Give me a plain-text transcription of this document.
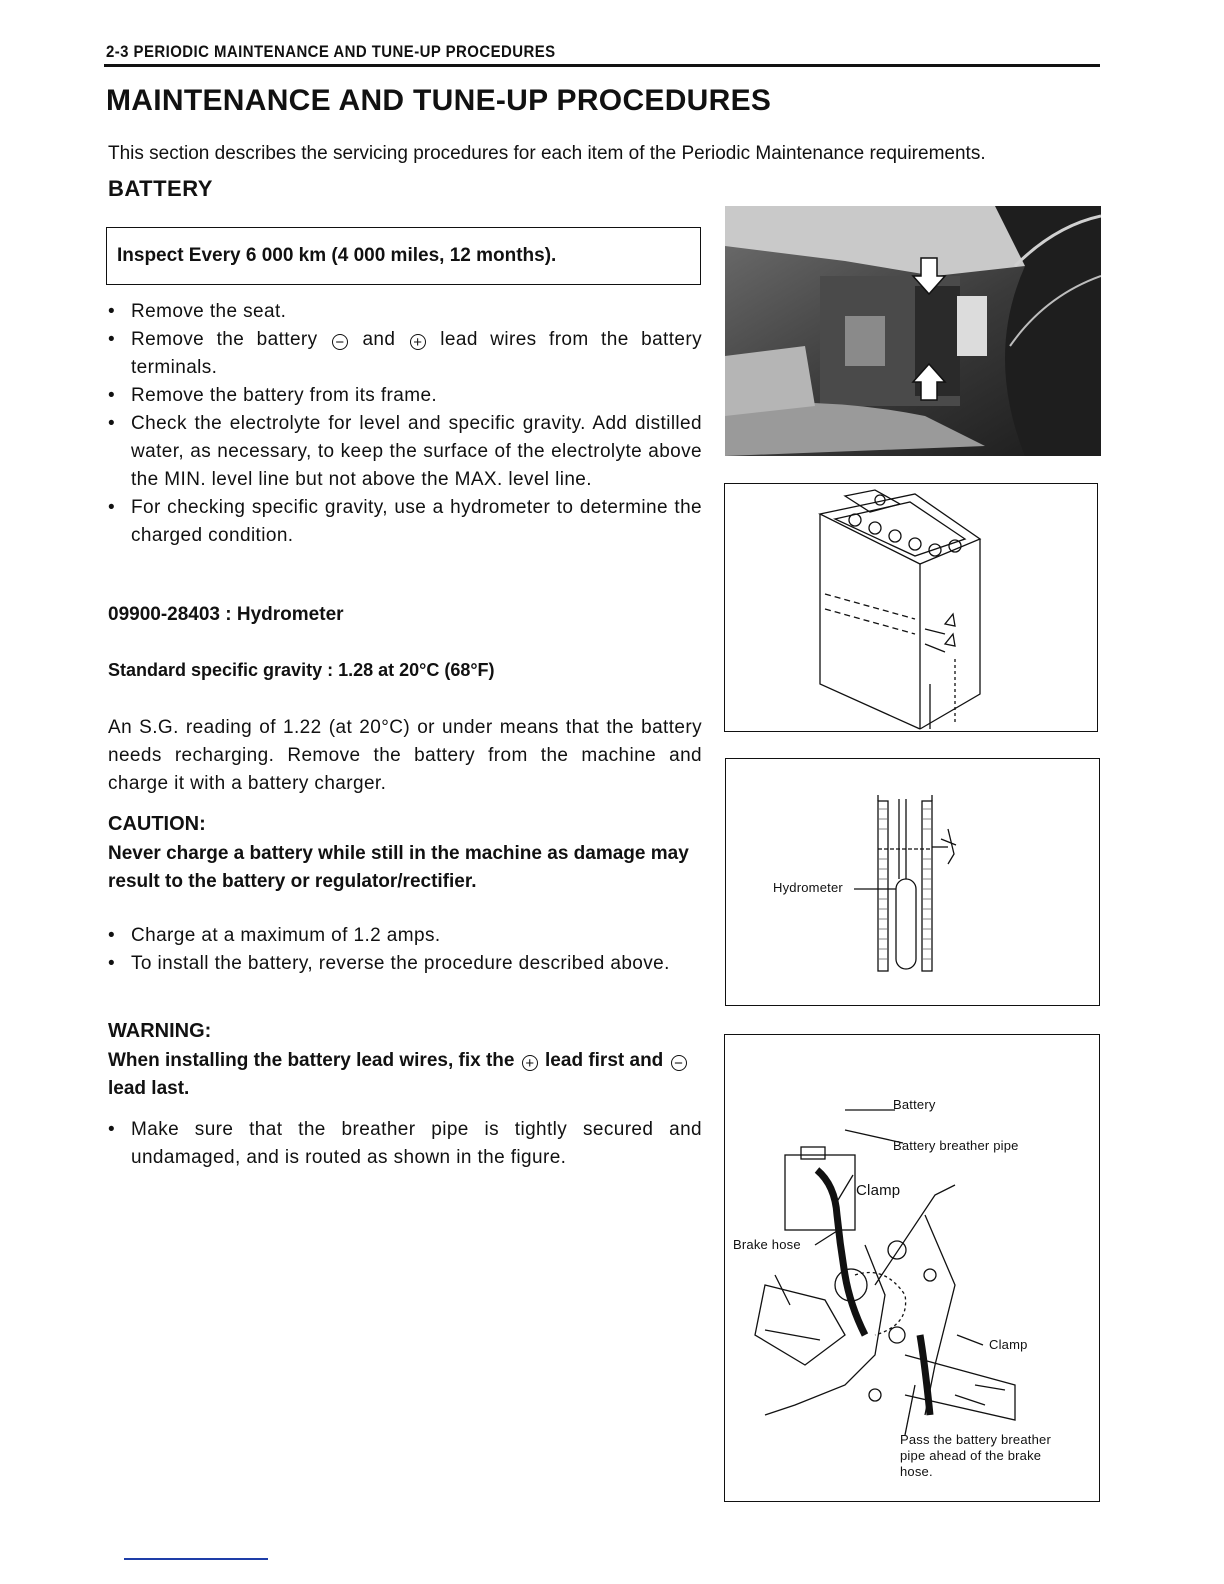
2-3 PERIODIC MAINTENANCE AND TUNE-UP PROCEDURES
MAINTENANCE AND TUNE-UP PROCEDURES
This section describes the servicing procedures for each item of the Periodic Maintenance requirements.
BATTERY
Inspect Every 6 000 km (4 000 miles, 12 months).
• Remove the seat.
• Remove the battery − and + lead wires from the battery terminals.
• Remove the battery from its frame.
• Check the electrolyte for level and specific gravity. Add distilled water, as necessary, to keep the surface of the electrolyte above the MIN. level line but not above the MAX. level line.
• For checking specific gravity, use a hydrometer to determine the charged condition.
09900-28403 : Hydrometer
Standard specific gravity : 1.28 at 20°C (68°F)
An S.G. reading of 1.22 (at 20°C) or under means that the battery needs recharging. Remove the battery from the machine and charge it with a battery charger.
CAUTION:
Never charge a battery while still in the machine as damage may result to the battery or regulator/rectifier.
• Charge at a maximum of 1.2 amps.
• To install the battery, reverse the procedure described above.
WARNING:
When installing the battery lead wires, fix the + lead first and − lead last.
• Make sure that the breather pipe is tightly secured and undamaged, and is routed as shown in the figure.
Hydrometer
Battery
Battery breather pipe
Clamp
Brake hose
Clamp
Pass the battery breather
pipe ahead of the brake
hose.
